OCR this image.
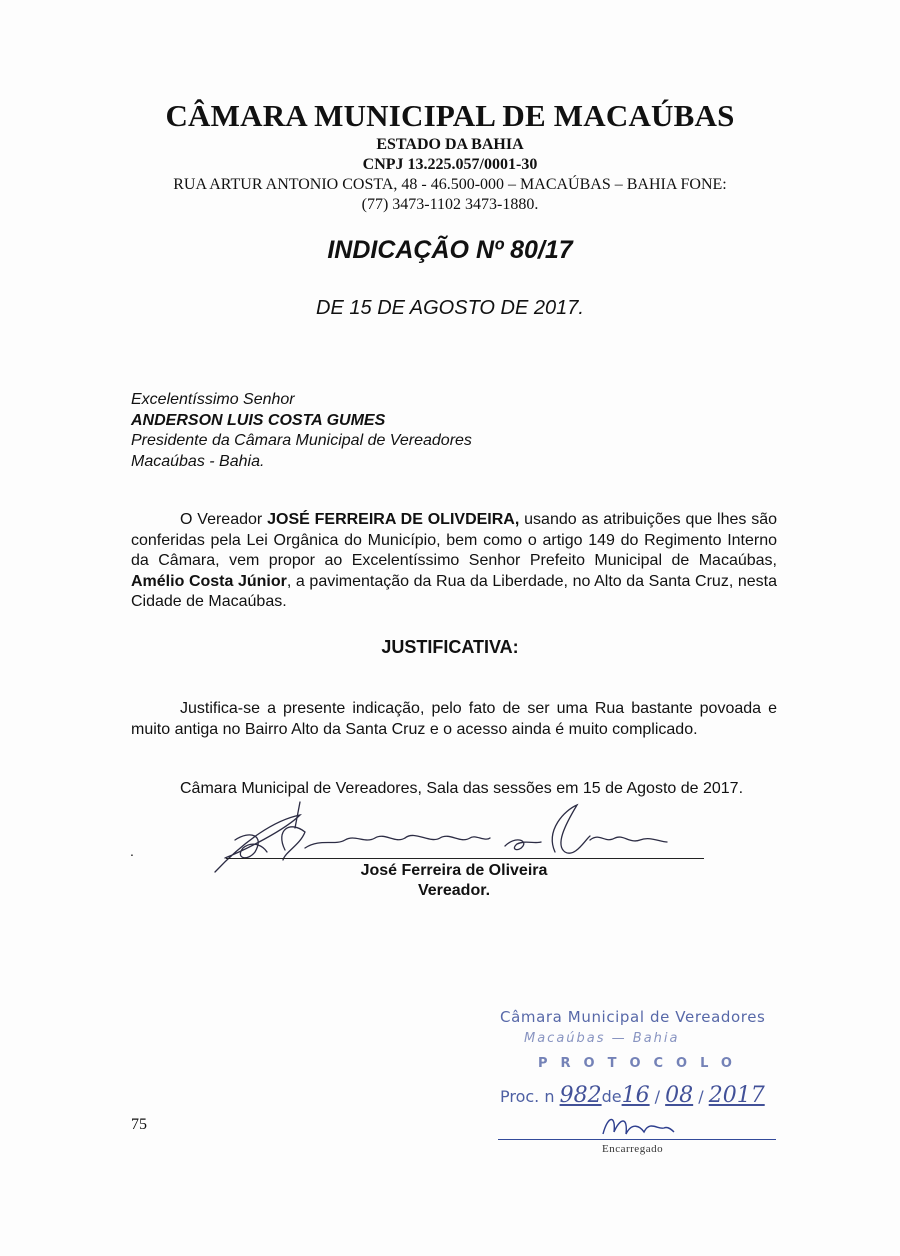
CÂMARA MUNICIPAL DE MACAÚBAS
ESTADO DA BAHIA
CNPJ 13.225.057/0001-30
RUA ARTUR ANTONIO COSTA, 48 - 46.500-000 – MACAÚBAS – BAHIA FONE:
(77) 3473-1102 3473-1880.
INDICAÇÃO Nº 80/17
DE 15 DE AGOSTO DE 2017.
Excelentíssimo Senhor
ANDERSON LUIS COSTA GUMES
Presidente da Câmara Municipal de Vereadores
Macaúbas - Bahia.

O Vereador JOSÉ FERREIRA DE OLIVDEIRA, usando as atribuições que lhes são conferidas pela Lei Orgânica do Município, bem como o artigo 149 do Regimento Interno da Câmara, vem propor ao Excelentíssimo Senhor Prefeito Municipal de Macaúbas, Amélio Costa Júnior, a pavimentação da Rua da Liberdade, no Alto da Santa Cruz, nesta Cidade de Macaúbas.

JUSTIFICATIVA:

Justifica-se a presente indicação, pelo fato de ser uma Rua bastante povoada e muito antiga no Bairro Alto da Santa Cruz e o acesso ainda é muito complicado.

Câmara Municipal de Vereadores, Sala das sessões em 15 de Agosto de 2017.

.
José Ferreira de Oliveira
Vereador.
Câmara Municipal de Vereadores
Macaúbas — Bahia
PROTOCOLO
Proc. n 982de16 / 08 / 2017
Encarregado
75
